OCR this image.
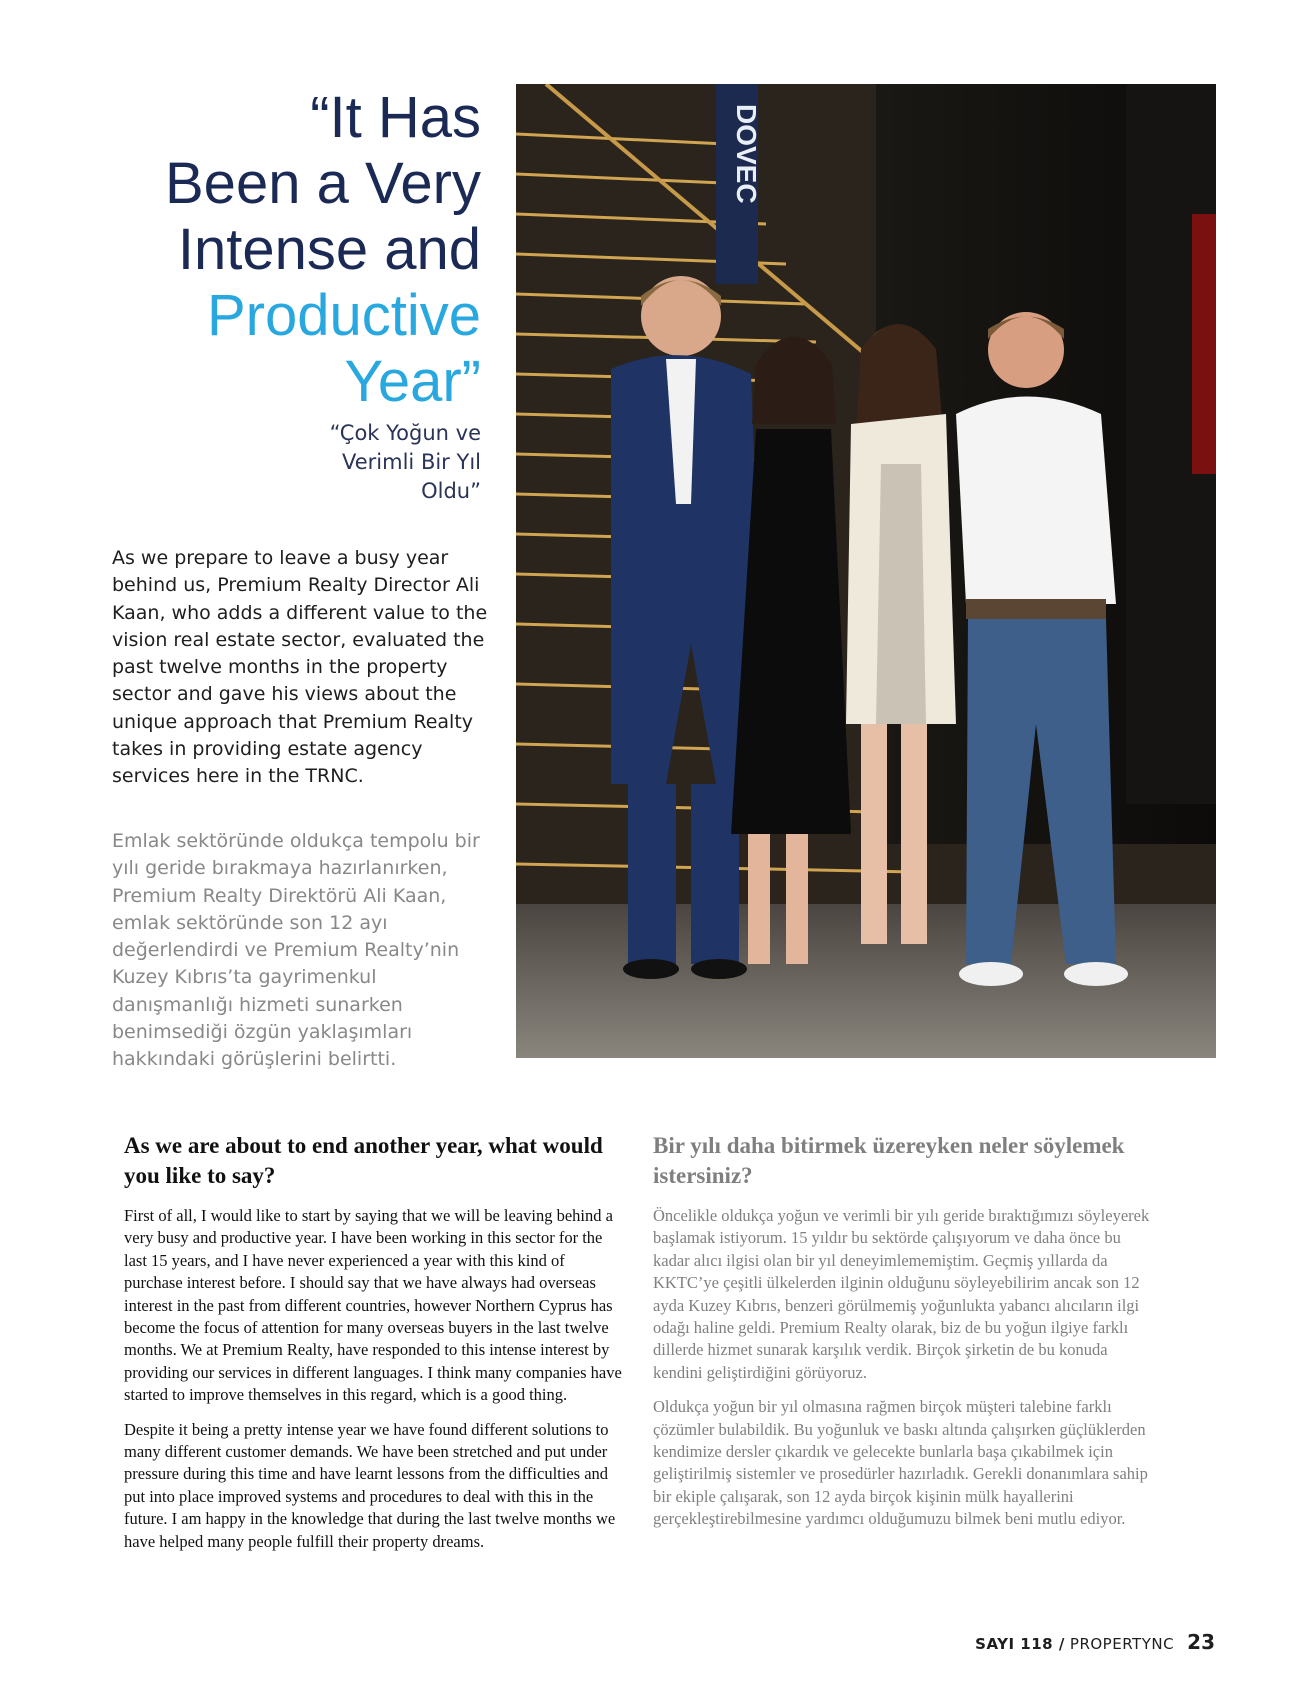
“It Has
Been a Very
Intense and
Productive
Year”
“Çok Yoğun ve
Verimli Bir Yıl
Oldu”
As we prepare to leave a busy year behind us, Premium Realty Director Ali Kaan, who adds a different value to the vision real estate sector, evaluated the past twelve months in the property sector and gave his views about the unique approach that Premium Realty takes in providing estate agency services here in the TRNC.
Emlak sektöründe oldukça tempolu bir yılı geride bırakmaya hazırlanırken, Premium Realty Direktörü Ali Kaan, emlak sektöründe son 12 ayı değerlendirdi ve Premium Realty’nin Kuzey Kıbrıs’ta gayrimenkul danışmanlığı hizmeti sunarken benimsediği özgün yaklaşımları hakkındaki görüşlerini belirtti.
DOVEC
As we are about to end another year, what would you like to say?

First of all, I would like to start by saying that we will be leaving behind a very busy and productive year. I have been working in this sector for the last 15 years, and I have never experienced a year with this kind of purchase interest before. I should say that we have always had overseas interest in the past from different countries, however Northern Cyprus has become the focus of attention for many overseas buyers in the last twelve months. We at Premium Realty, have responded to this intense interest by providing our services in different languages. I think many companies have started to improve themselves in this regard, which is a good thing.

Despite it being a pretty intense year we have found different solutions to many different customer demands. We have been stretched and put under pressure during this time and have learnt lessons from the difficulties and put into place improved systems and procedures to deal with this in the future. I am happy in the knowledge that during the last twelve months we have helped many people fulfill their property dreams.

Bir yılı daha bitirmek üzereyken neler söylemek istersiniz?

Öncelikle oldukça yoğun ve verimli bir yılı geride bıraktığımızı söyleyerek başlamak istiyorum. 15 yıldır bu sektörde çalışıyorum ve daha önce bu kadar alıcı ilgisi olan bir yıl deneyimlememiştim. Geçmiş yıllarda da KKTC’ye çeşitli ülkelerden ilginin olduğunu söyleyebilirim ancak son 12 ayda Kuzey Kıbrıs, benzeri görülmemiş yoğunlukta yabancı alıcıların ilgi odağı haline geldi. Premium Realty olarak, biz de bu yoğun ilgiye farklı dillerde hizmet sunarak karşılık verdik. Birçok şirketin de bu konuda kendini geliştirdiğini görüyoruz.

Oldukça yoğun bir yıl olmasına rağmen birçok müşteri talebine farklı çözümler bulabildik. Bu yoğunluk ve baskı altında çalışırken güçlüklerden kendimize dersler çıkardık ve gelecekte bunlarla başa çıkabilmek için geliştirilmiş sistemler ve prosedürler hazırladık. Gerekli donanımlara sahip bir ekiple çalışarak, son 12 ayda birçok kişinin mülk hayallerini gerçekleştirebilmesine yardımcı olduğumuzu bilmek beni mutlu ediyor.

SAYI 118 / PROPERTYNC 23
